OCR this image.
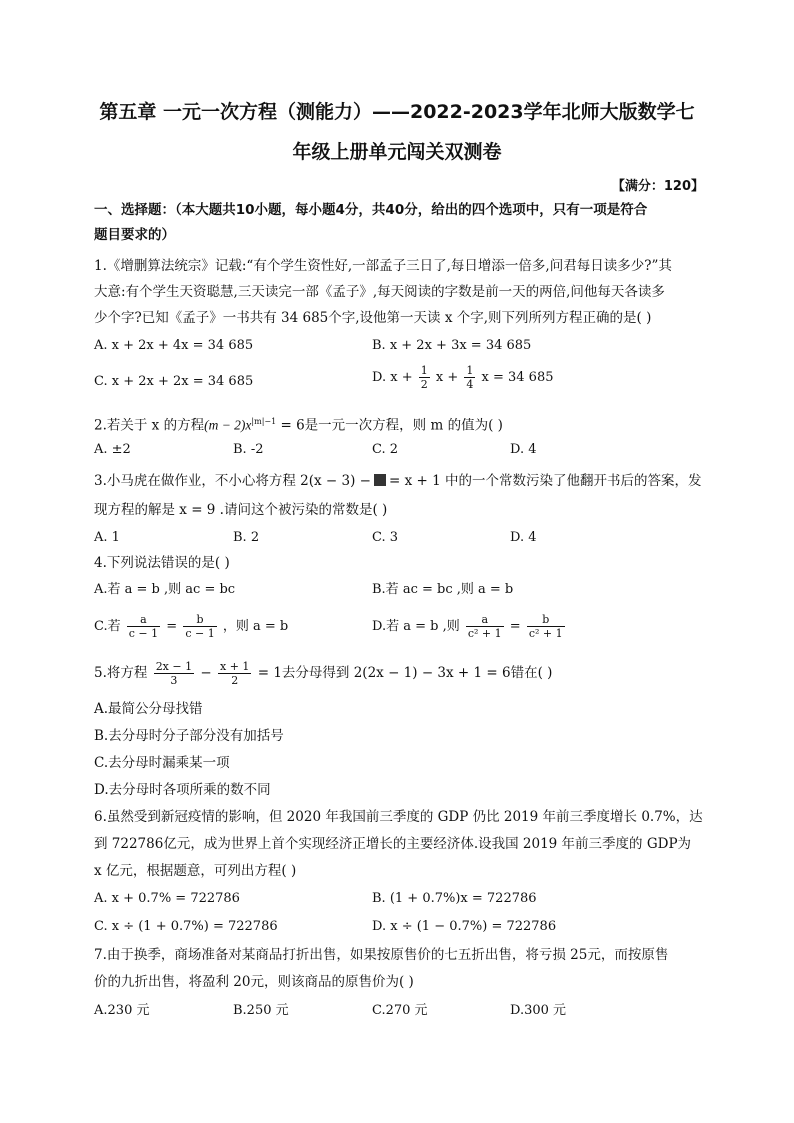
第五章 一元一次方程（测能力）——2022-2023学年北师大版数学七
年级上册单元闯关双测卷
【满分：120】
一、选择题：（本大题共10小题，每小题4分，共40分，给出的四个选项中，只有一项是符合
题目要求的）
1.《增删算法统宗》记载:“有个学生资性好,一部孟子三日了,每日增添一倍多,问君每日读多少?”其
大意:有个学生天资聪慧,三天读完一部《孟子》,每天阅读的字数是前一天的两倍,问他每天各读多
少个字?已知《孟子》一书共有 34 685个字,设他第一天读 x 个字,则下列所列方程正确的是( )
A. x + 2x + 4x = 34 685	B. x + 2x + 3x = 34 685
C. x + 2x + 2x = 34 685	D. $x + \frac{1}{2}$ $x + \frac{1}{4}$ x = 34 685
2.若关于 x 的方程$(m - 2)x^{|m|-1} = 6$是一元一次方程，则 m 的值为( )
A. ±2	B. -2	C. 2	D. 4
3.小马虎在做作业，不小心将方程 2(x − 3) − = x + 1 中的一个常数污染了他翻开书后的答案，发
现方程的解是 x = 9 .请问这个被污染的常数是( )
A. 1	B. 2	C. 3	D. 4
4.下列说法错误的是( )
A.若 a = b ,则 ac = bc	B.若 ac = bc ,则 a = b
C.若 $\frac{a}{c - 1} = \frac{b}{c - 1}$ ，则 a = b	D.若 a = b ,则 $\frac{a}{\text{c² + 1}} = \frac{b}{\text{c² + 1}}$
5.将方程 $\frac{2x - 1}{3} - \frac{x + 1}{2} = 1$去分母得到 2(2x − 1) − 3x + 1 = 6错在( )
A.最简公分母找错
B.去分母时分子部分没有加括号
C.去分母时漏乘某一项
D.去分母时各项所乘的数不同
6.虽然受到新冠疫情的影响，但 2020 年我国前三季度的 GDP 仍比 2019 年前三季度增长 0.7%，达
到 722786亿元，成为世界上首个实现经济正增长的主要经济体.设我国 2019 年前三季度的 GDP为
x 亿元，根据题意，可列出方程( )
A. x + 0.7% = 722786	B. (1 + 0.7%)x = 722786
C. x ÷ (1 + 0.7%) = 722786	D. x ÷ (1 − 0.7%) = 722786
7.由于换季，商场准备对某商品打折出售，如果按原售价的七五折出售，将亏损 25元，而按原售
价的九折出售，将盈利 20元，则该商品的原售价为( )
A.230 元	B.250 元	C.270 元	D.300 元
